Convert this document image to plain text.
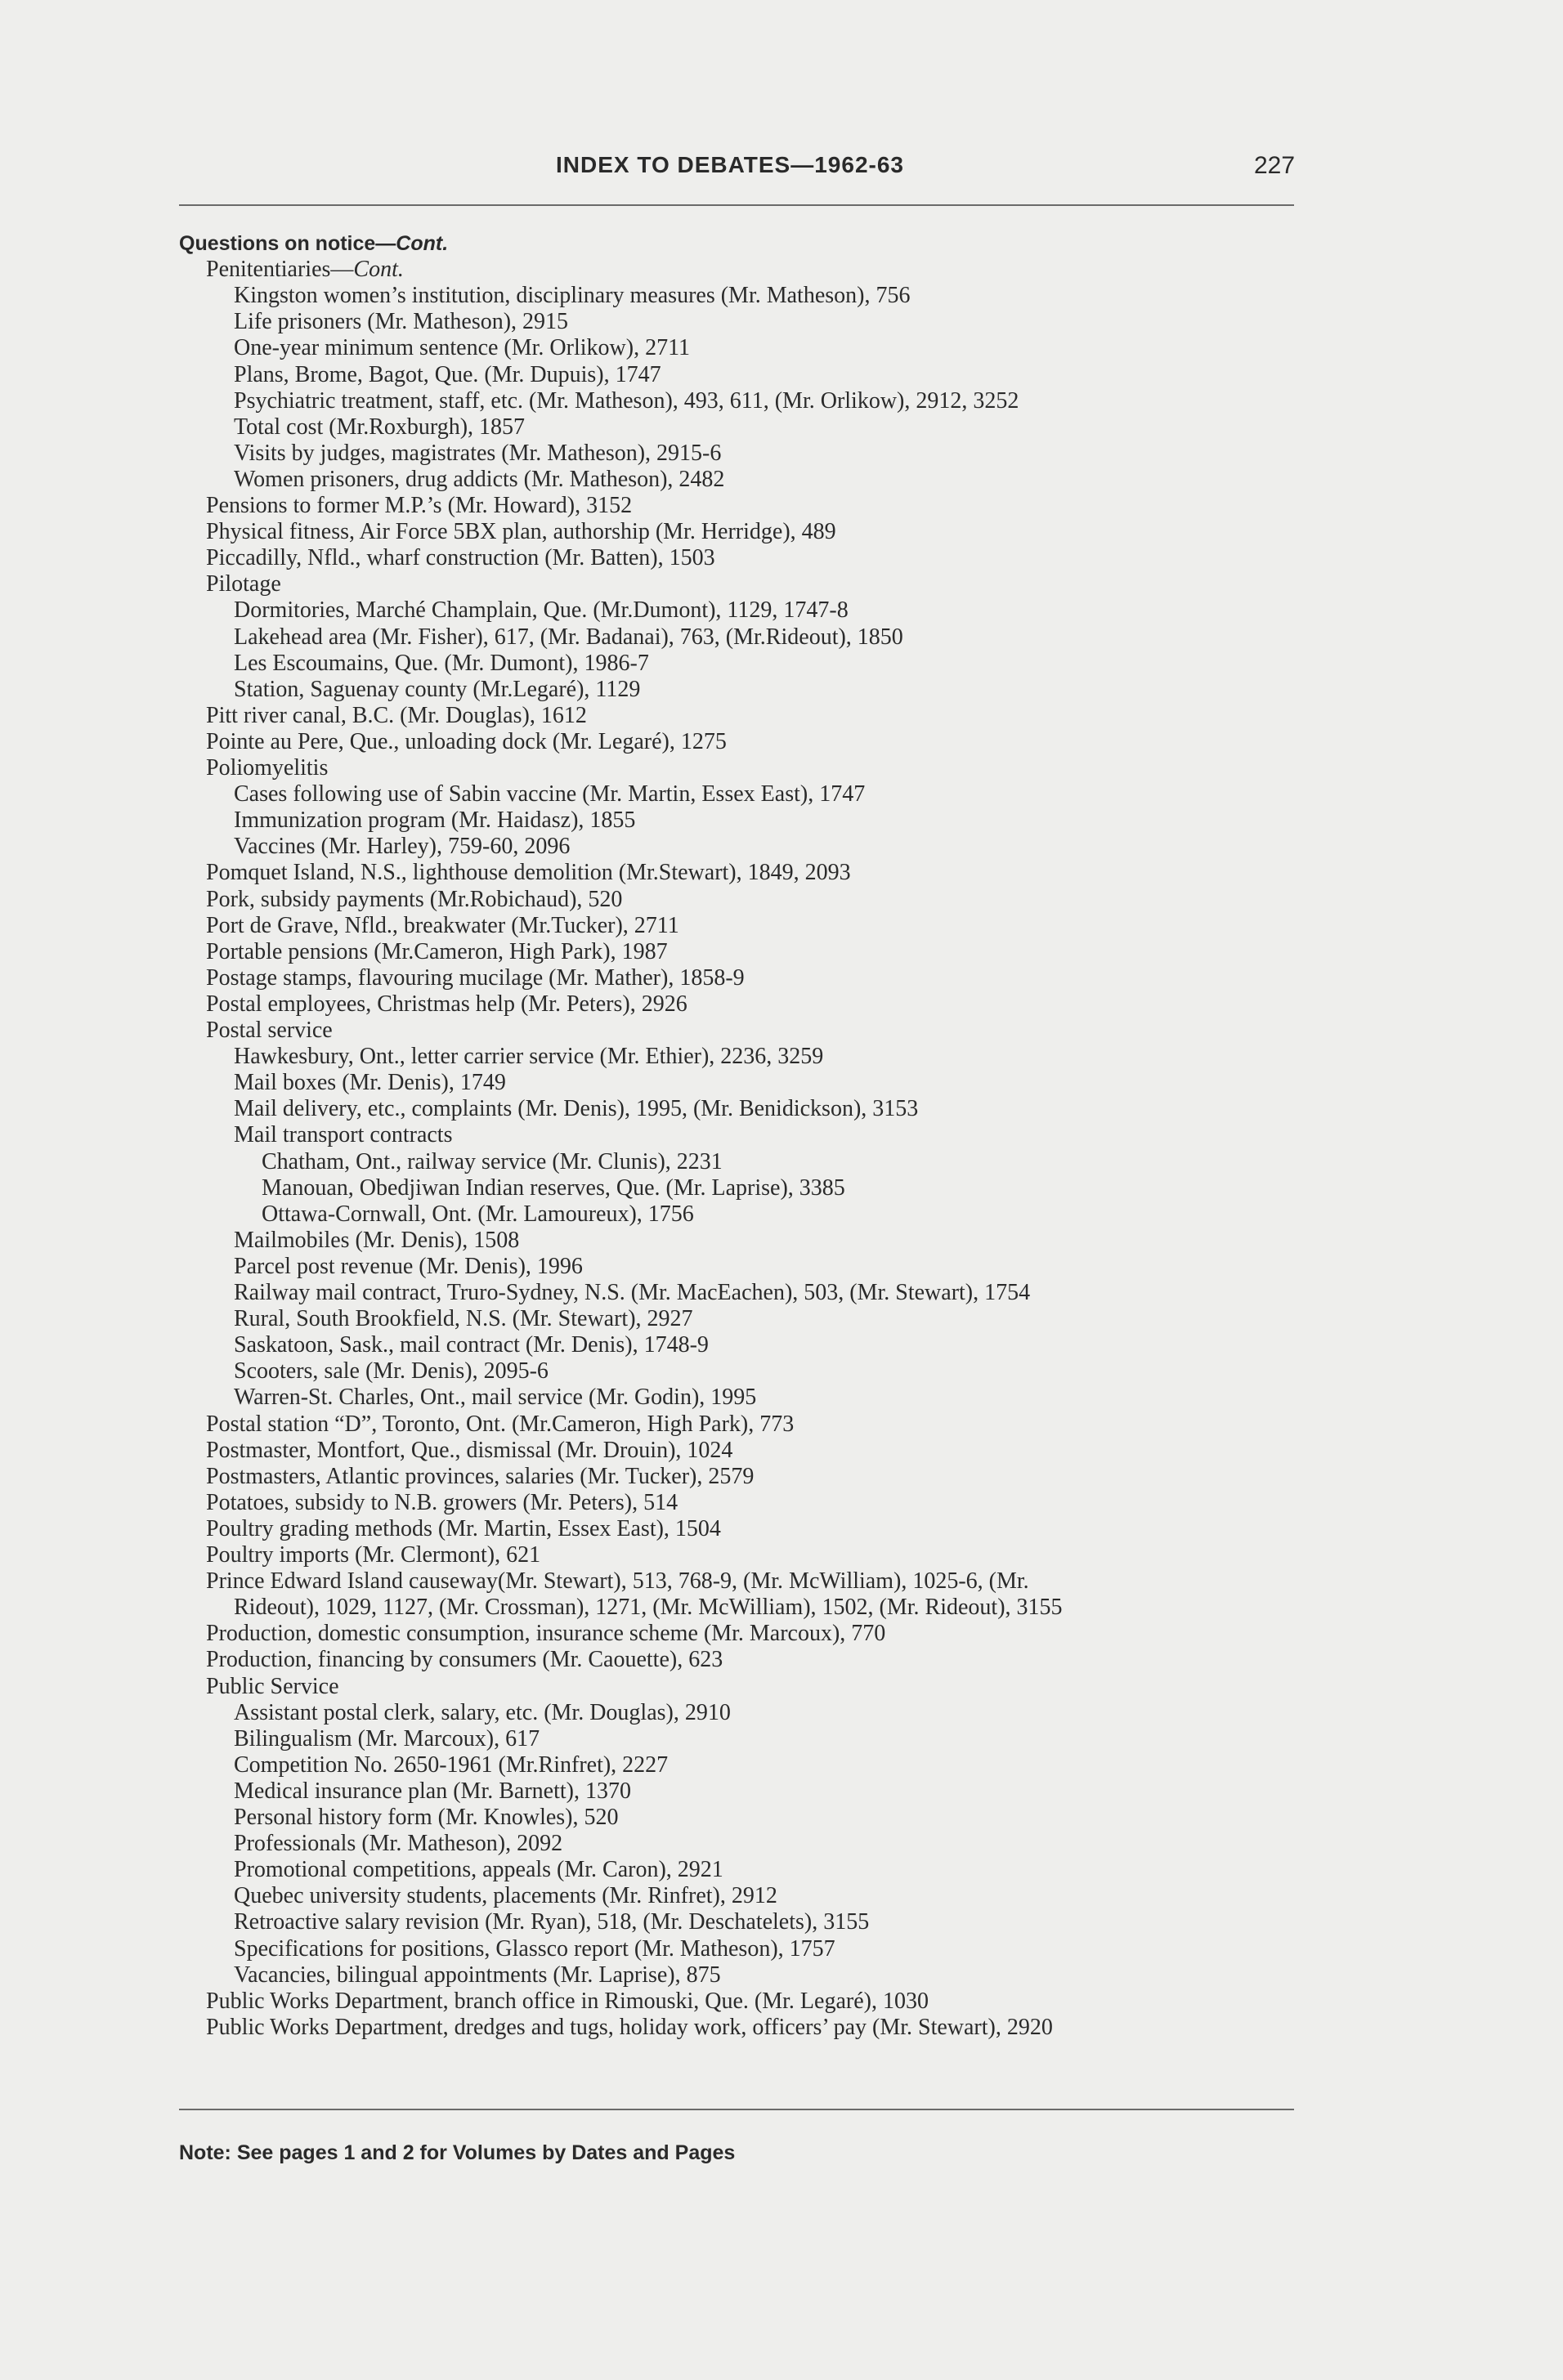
INDEX TO DEBATES—1962-63	227
Questions on notice—Cont.
Penitentiaries—Cont.
Kingston women’s institution, disciplinary measures (Mr. Matheson), 756
Life prisoners (Mr. Matheson), 2915
One-year minimum sentence (Mr. Orlikow), 2711
Plans, Brome, Bagot, Que. (Mr. Dupuis), 1747
Psychiatric treatment, staff, etc. (Mr. Matheson), 493, 611, (Mr. Orlikow), 2912, 3252
Total cost (Mr.Roxburgh), 1857
Visits by judges, magistrates (Mr. Matheson), 2915-6
Women prisoners, drug addicts (Mr. Matheson), 2482
Pensions to former M.P.’s (Mr. Howard), 3152
Physical fitness, Air Force 5BX plan, authorship (Mr. Herridge), 489
Piccadilly, Nfld., wharf construction (Mr. Batten), 1503
Pilotage
Dormitories, Marché Champlain, Que. (Mr.Dumont), 1129, 1747-8
Lakehead area (Mr. Fisher), 617, (Mr. Badanai), 763, (Mr.Rideout), 1850
Les Escoumains, Que. (Mr. Dumont), 1986-7
Station, Saguenay county (Mr.Legaré), 1129
Pitt river canal, B.C. (Mr. Douglas), 1612
Pointe au Pere, Que., unloading dock (Mr. Legaré), 1275
Poliomyelitis
Cases following use of Sabin vaccine (Mr. Martin, Essex East), 1747
Immunization program (Mr. Haidasz), 1855
Vaccines (Mr. Harley), 759-60, 2096
Pomquet Island, N.S., lighthouse demolition (Mr.Stewart), 1849, 2093
Pork, subsidy payments (Mr.Robichaud), 520
Port de Grave, Nfld., breakwater (Mr.Tucker), 2711
Portable pensions (Mr.Cameron, High Park), 1987
Postage stamps, flavouring mucilage (Mr. Mather), 1858-9
Postal employees, Christmas help (Mr. Peters), 2926
Postal service
Hawkesbury, Ont., letter carrier service (Mr. Ethier), 2236, 3259
Mail boxes (Mr. Denis), 1749
Mail delivery, etc., complaints (Mr. Denis), 1995, (Mr. Benidickson), 3153
Mail transport contracts
Chatham, Ont., railway service (Mr. Clunis), 2231
Manouan, Obedjiwan Indian reserves, Que. (Mr. Laprise), 3385
Ottawa-Cornwall, Ont. (Mr. Lamoureux), 1756
Mailmobiles (Mr. Denis), 1508
Parcel post revenue (Mr. Denis), 1996
Railway mail contract, Truro-Sydney, N.S. (Mr. MacEachen), 503, (Mr. Stewart), 1754
Rural, South Brookfield, N.S. (Mr. Stewart), 2927
Saskatoon, Sask., mail contract (Mr. Denis), 1748-9
Scooters, sale (Mr. Denis), 2095-6
Warren-St. Charles, Ont., mail service (Mr. Godin), 1995
Postal station “D”, Toronto, Ont. (Mr.Cameron, High Park), 773
Postmaster, Montfort, Que., dismissal (Mr. Drouin), 1024
Postmasters, Atlantic provinces, salaries (Mr. Tucker), 2579
Potatoes, subsidy to N.B. growers (Mr. Peters), 514
Poultry grading methods (Mr. Martin, Essex East), 1504
Poultry imports (Mr. Clermont), 621
Prince Edward Island causeway(Mr. Stewart), 513, 768-9, (Mr. McWilliam), 1025-6, (Mr.
Rideout), 1029, 1127, (Mr. Crossman), 1271, (Mr. McWilliam), 1502, (Mr. Rideout), 3155
Production, domestic consumption, insurance scheme (Mr. Marcoux), 770
Production, financing by consumers (Mr. Caouette), 623
Public Service
Assistant postal clerk, salary, etc. (Mr. Douglas), 2910
Bilingualism (Mr. Marcoux), 617
Competition No. 2650-1961 (Mr.Rinfret), 2227
Medical insurance plan (Mr. Barnett), 1370
Personal history form (Mr. Knowles), 520
Professionals (Mr. Matheson), 2092
Promotional competitions, appeals (Mr. Caron), 2921
Quebec university students, placements (Mr. Rinfret), 2912
Retroactive salary revision (Mr. Ryan), 518, (Mr. Deschatelets), 3155
Specifications for positions, Glassco report (Mr. Matheson), 1757
Vacancies, bilingual appointments (Mr. Laprise), 875
Public Works Department, branch office in Rimouski, Que. (Mr. Legaré), 1030
Public Works Department, dredges and tugs, holiday work, officers’ pay (Mr. Stewart), 2920
Note: See pages 1 and 2 for Volumes by Dates and Pages
